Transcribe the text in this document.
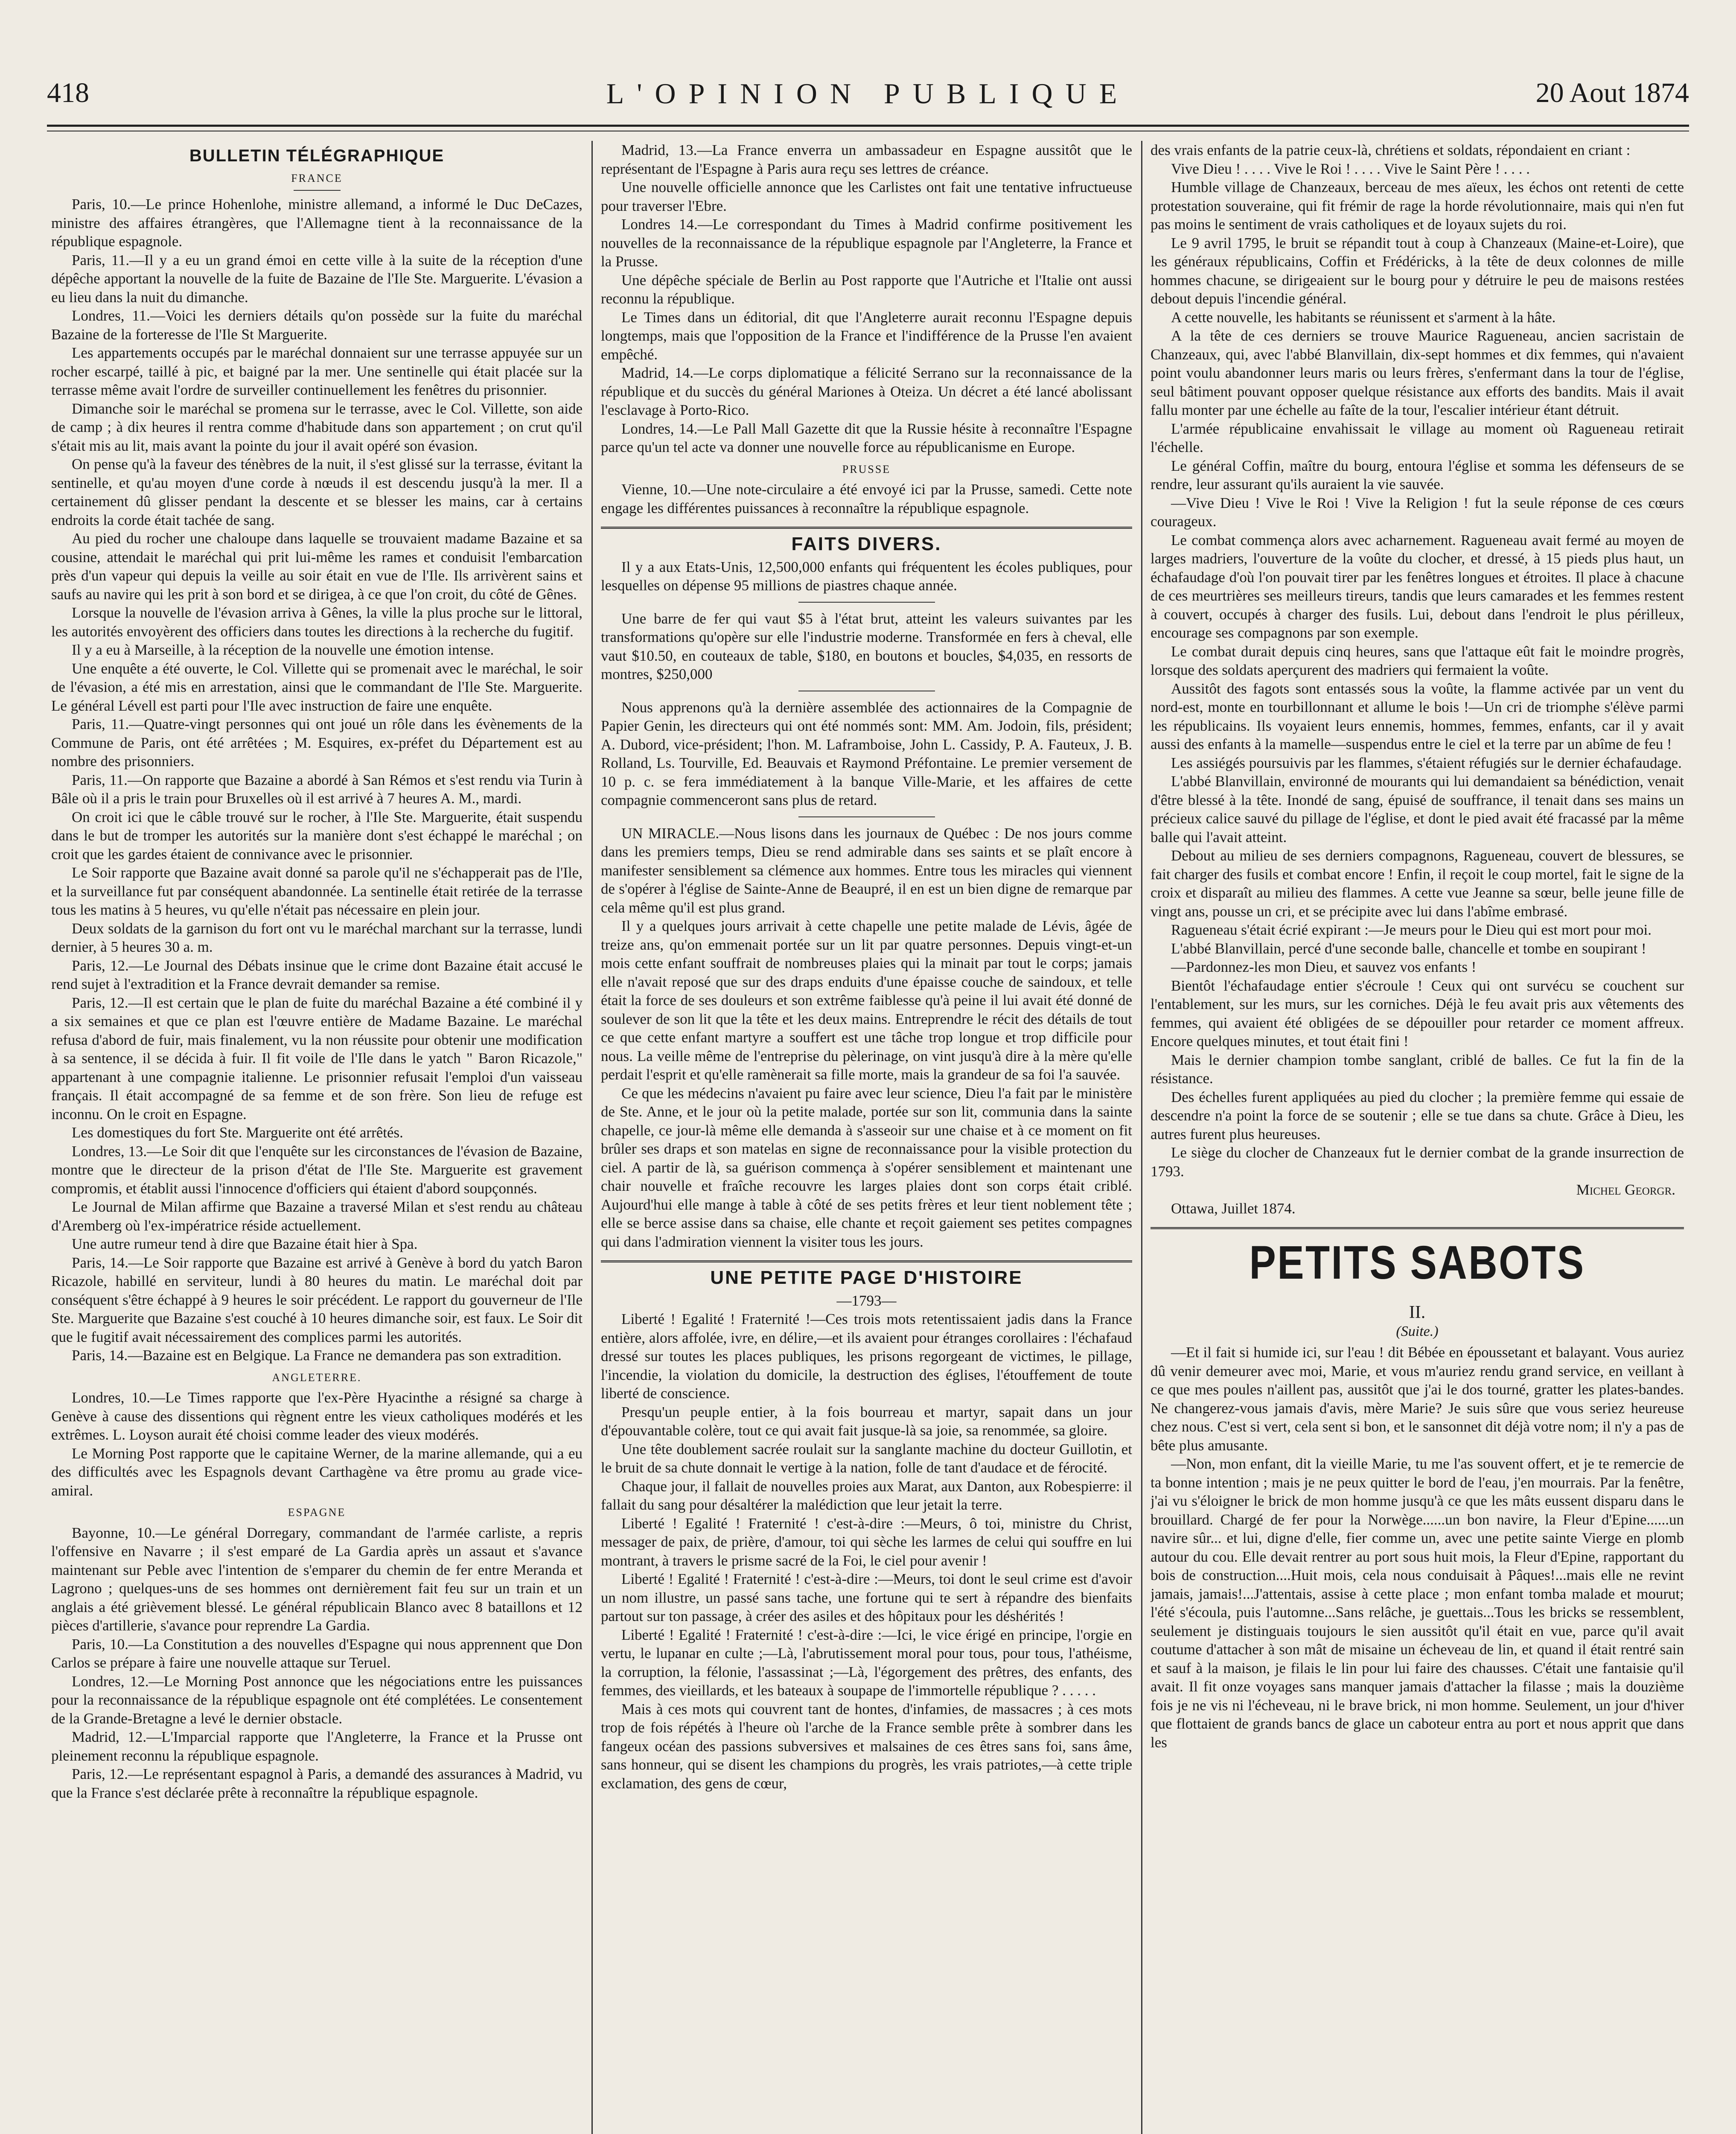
418	L'OPINION PUBLIQUE	20 Aout 1874
BULLETIN TÉLÉGRAPHIQUE
FRANCE

Paris, 10.—Le prince Hohenlohe, ministre allemand, a informé le Duc DeCazes, ministre des affaires étrangères, que l'Allemagne tient à la reconnaissance de la république espagnole.

Paris, 11.—Il y a eu un grand émoi en cette ville à la suite de la réception d'une dépêche apportant la nouvelle de la fuite de Bazaine de l'Ile Ste. Marguerite. L'évasion a eu lieu dans la nuit du dimanche.

Londres, 11.—Voici les derniers détails qu'on possède sur la fuite du maréchal Bazaine de la forteresse de l'Ile St Marguerite.

Les appartements occupés par le maréchal donnaient sur une terrasse appuyée sur un rocher escarpé, taillé à pic, et baigné par la mer. Une sentinelle qui était placée sur la terrasse même avait l'ordre de surveiller continuellement les fenêtres du prisonnier.

Dimanche soir le maréchal se promena sur le terrasse, avec le Col. Villette, son aide de camp ; à dix heures il rentra comme d'habitude dans son appartement ; on crut qu'il s'était mis au lit, mais avant la pointe du jour il avait opéré son évasion.

On pense qu'à la faveur des ténèbres de la nuit, il s'est glissé sur la terrasse, évitant la sentinelle, et qu'au moyen d'une corde à nœuds il est descendu jusqu'à la mer. Il a certainement dû glisser pendant la descente et se blesser les mains, car à certains endroits la corde était tachée de sang.

Au pied du rocher une chaloupe dans laquelle se trouvaient madame Bazaine et sa cousine, attendait le maréchal qui prit lui-même les rames et conduisit l'embarcation près d'un vapeur qui depuis la veille au soir était en vue de l'Ile. Ils arrivèrent sains et saufs au navire qui les prit à son bord et se dirigea, à ce que l'on croit, du côté de Gênes.

Lorsque la nouvelle de l'évasion arriva à Gênes, la ville la plus proche sur le littoral, les autorités envoyèrent des officiers dans toutes les directions à la recherche du fugitif.

Il y a eu à Marseille, à la réception de la nouvelle une émotion intense.

Une enquête a été ouverte, le Col. Villette qui se promenait avec le maréchal, le soir de l'évasion, a été mis en arrestation, ainsi que le commandant de l'Ile Ste. Marguerite. Le général Lévell est parti pour l'Ile avec instruction de faire une enquête.

Paris, 11.—Quatre-vingt personnes qui ont joué un rôle dans les évènements de la Commune de Paris, ont été arrêtées ; M. Esquires, ex-préfet du Département est au nombre des prisonniers.

Paris, 11.—On rapporte que Bazaine a abordé à San Rémos et s'est rendu via Turin à Bâle où il a pris le train pour Bruxelles où il est arrivé à 7 heures A. M., mardi.

On croit ici que le câble trouvé sur le rocher, à l'Ile Ste. Marguerite, était suspendu dans le but de tromper les autorités sur la manière dont s'est échappé le maréchal ; on croit que les gardes étaient de connivance avec le prisonnier.

Le Soir rapporte que Bazaine avait donné sa parole qu'il ne s'échapperait pas de l'Ile, et la surveillance fut par conséquent abandonnée. La sentinelle était retirée de la terrasse tous les matins à 5 heures, vu qu'elle n'était pas nécessaire en plein jour.

Deux soldats de la garnison du fort ont vu le maréchal marchant sur la terrasse, lundi dernier, à 5 heures 30 a. m.

Paris, 12.—Le Journal des Débats insinue que le crime dont Bazaine était accusé le rend sujet à l'extradition et la France devrait demander sa remise.

Paris, 12.—Il est certain que le plan de fuite du maréchal Bazaine a été combiné il y a six semaines et que ce plan est l'œuvre entière de Madame Bazaine. Le maréchal refusa d'abord de fuir, mais finalement, vu la non réussite pour obtenir une modification à sa sentence, il se décida à fuir. Il fit voile de l'Ile dans le yatch " Baron Ricazole," appartenant à une compagnie italienne. Le prisonnier refusait l'emploi d'un vaisseau français. Il était accompagné de sa femme et de son frère. Son lieu de refuge est inconnu. On le croit en Espagne.

Les domestiques du fort Ste. Marguerite ont été arrêtés.

Londres, 13.—Le Soir dit que l'enquête sur les circonstances de l'évasion de Bazaine, montre que le directeur de la prison d'état de l'Ile Ste. Marguerite est gravement compromis, et établit aussi l'innocence d'officiers qui étaient d'abord soupçonnés.

Le Journal de Milan affirme que Bazaine a traversé Milan et s'est rendu au château d'Aremberg où l'ex-impératrice réside actuellement.

Une autre rumeur tend à dire que Bazaine était hier à Spa.

Paris, 14.—Le Soir rapporte que Bazaine est arrivé à Genève à bord du yatch Baron Ricazole, habillé en serviteur, lundi à 80 heures du matin. Le maréchal doit par conséquent s'être échappé à 9 heures le soir précédent. Le rapport du gouverneur de l'Ile Ste. Marguerite que Bazaine s'est couché à 10 heures dimanche soir, est faux. Le Soir dit que le fugitif avait nécessairement des complices parmi les autorités.

Paris, 14.—Bazaine est en Belgique. La France ne demandera pas son extradition.

ANGLETERRE.

Londres, 10.—Le Times rapporte que l'ex-Père Hyacinthe a résigné sa charge à Genève à cause des dissentions qui règnent entre les vieux catholiques modérés et les extrêmes. L. Loyson aurait été choisi comme leader des vieux modérés.

Le Morning Post rapporte que le capitaine Werner, de la marine allemande, qui a eu des difficultés avec les Espagnols devant Carthagène va être promu au grade vice-amiral.

ESPAGNE

Bayonne, 10.—Le général Dorregary, commandant de l'armée carliste, a repris l'offensive en Navarre ; il s'est emparé de La Gardia après un assaut et s'avance maintenant sur Peble avec l'intention de s'emparer du chemin de fer entre Meranda et Lagrono ; quelques-uns de ses hommes ont dernièrement fait feu sur un train et un anglais a été grièvement blessé. Le général républicain Blanco avec 8 bataillons et 12 pièces d'artillerie, s'avance pour reprendre La Gardia.

Paris, 10.—La Constitution a des nouvelles d'Espagne qui nous apprennent que Don Carlos se prépare à faire une nouvelle attaque sur Teruel.

Londres, 12.—Le Morning Post annonce que les négociations entre les puissances pour la reconnaissance de la république espagnole ont été complétées. Le consentement de la Grande-Bretagne a levé le dernier obstacle.

Madrid, 12.—L'Imparcial rapporte que l'Angleterre, la France et la Prusse ont pleinement reconnu la république espagnole.

Paris, 12.—Le représentant espagnol à Paris, a demandé des assurances à Madrid, vu que la France s'est déclarée prête à reconnaître la république espagnole.

Madrid, 13.—La France enverra un ambassadeur en Espagne aussitôt que le représentant de l'Espagne à Paris aura reçu ses lettres de créance.

Une nouvelle officielle annonce que les Carlistes ont fait une tentative infructueuse pour traverser l'Ebre.

Londres 14.—Le correspondant du Times à Madrid confirme positivement les nouvelles de la reconnaissance de la république espagnole par l'Angleterre, la France et la Prusse.

Une dépêche spéciale de Berlin au Post rapporte que l'Autriche et l'Italie ont aussi reconnu la république.

Le Times dans un éditorial, dit que l'Angleterre aurait reconnu l'Espagne depuis longtemps, mais que l'opposition de la France et l'indifférence de la Prusse l'en avaient empêché.

Madrid, 14.—Le corps diplomatique a félicité Serrano sur la reconnaissance de la république et du succès du général Mariones à Oteiza. Un décret a été lancé abolissant l'esclavage à Porto-Rico.

Londres, 14.—Le Pall Mall Gazette dit que la Russie hésite à reconnaître l'Espagne parce qu'un tel acte va donner une nouvelle force au républicanisme en Europe.

PRUSSE

Vienne, 10.—Une note-circulaire a été envoyé ici par la Prusse, samedi. Cette note engage les différentes puissances à reconnaître la république espagnole.

FAITS DIVERS.

Il y a aux Etats-Unis, 12,500,000 enfants qui fréquentent les écoles publiques, pour lesquelles on dépense 95 millions de piastres chaque année.

Une barre de fer qui vaut $5 à l'état brut, atteint les valeurs suivantes par les transformations qu'opère sur elle l'industrie moderne. Transformée en fers à cheval, elle vaut $10.50, en couteaux de table, $180, en boutons et boucles, $4,035, en ressorts de montres, $250,000

Nous apprenons qu'à la dernière assemblée des actionnaires de la Compagnie de Papier Genin, les directeurs qui ont été nommés sont: MM. Am. Jodoin, fils, président; A. Dubord, vice-président; l'hon. M. Laframboise, John L. Cassidy, P. A. Fauteux, J. B. Rolland, Ls. Tourville, Ed. Beauvais et Raymond Préfontaine. Le premier versement de 10 p. c. se fera immédiatement à la banque Ville-Marie, et les affaires de cette compagnie commenceront sans plus de retard.

UN MIRACLE.—Nous lisons dans les journaux de Québec : De nos jours comme dans les premiers temps, Dieu se rend admirable dans ses saints et se plaît encore à manifester sensiblement sa clémence aux hommes. Entre tous les miracles qui viennent de s'opérer à l'église de Sainte-Anne de Beaupré, il en est un bien digne de remarque par cela même qu'il est plus grand.

Il y a quelques jours arrivait à cette chapelle une petite malade de Lévis, âgée de treize ans, qu'on emmenait portée sur un lit par quatre personnes. Depuis vingt-et-un mois cette enfant souffrait de nombreuses plaies qui la minait par tout le corps; jamais elle n'avait reposé que sur des draps enduits d'une épaisse couche de saindoux, et telle était la force de ses douleurs et son extrême faiblesse qu'à peine il lui avait été donné de soulever de son lit que la tête et les deux mains. Entreprendre le récit des détails de tout ce que cette enfant martyre a souffert est une tâche trop longue et trop difficile pour nous. La veille même de l'entreprise du pèlerinage, on vint jusqu'à dire à la mère qu'elle perdait l'esprit et qu'elle ramènerait sa fille morte, mais la grandeur de sa foi l'a sauvée.

Ce que les médecins n'avaient pu faire avec leur science, Dieu l'a fait par le ministère de Ste. Anne, et le jour où la petite malade, portée sur son lit, communia dans la sainte chapelle, ce jour-là même elle demanda à s'asseoir sur une chaise et à ce moment on fit brûler ses draps et son matelas en signe de reconnaissance pour la visible protection du ciel. A partir de là, sa guérison commença à s'opérer sensiblement et maintenant une chair nouvelle et fraîche recouvre les larges plaies dont son corps était criblé. Aujourd'hui elle mange à table à côté de ses petits frères et leur tient noblement tête ; elle se berce assise dans sa chaise, elle chante et reçoit gaiement ses petites compagnes qui dans l'admiration viennent la visiter tous les jours.

UNE PETITE PAGE D'HISTOIRE
—1793—

Liberté ! Egalité ! Fraternité !—Ces trois mots retentissaient jadis dans la France entière, alors affolée, ivre, en délire,—et ils avaient pour étranges corollaires : l'échafaud dressé sur toutes les places publiques, les prisons regorgeant de victimes, le pillage, l'incendie, la violation du domicile, la destruction des églises, l'étouffement de toute liberté de conscience.

Presqu'un peuple entier, à la fois bourreau et martyr, sapait dans un jour d'épouvantable colère, tout ce qui avait fait jusque-là sa joie, sa renommée, sa gloire.

Une tête doublement sacrée roulait sur la sanglante machine du docteur Guillotin, et le bruit de sa chute donnait le vertige à la nation, folle de tant d'audace et de férocité.

Chaque jour, il fallait de nouvelles proies aux Marat, aux Danton, aux Robespierre: il fallait du sang pour désaltérer la malédiction que leur jetait la terre.

Liberté ! Egalité ! Fraternité ! c'est-à-dire :—Meurs, ô toi, ministre du Christ, messager de paix, de prière, d'amour, toi qui sèche les larmes de celui qui souffre en lui montrant, à travers le prisme sacré de la Foi, le ciel pour avenir !

Liberté ! Egalité ! Fraternité ! c'est-à-dire :—Meurs, toi dont le seul crime est d'avoir un nom illustre, un passé sans tache, une fortune qui te sert à répandre des bienfaits partout sur ton passage, à créer des asiles et des hôpitaux pour les déshérités !

Liberté ! Egalité ! Fraternité ! c'est-à-dire :—Ici, le vice érigé en principe, l'orgie en vertu, le lupanar en culte ;—Là, l'abrutissement moral pour tous, pour tous, l'athéisme, la corruption, la félonie, l'assassinat ;—Là, l'égorgement des prêtres, des enfants, des femmes, des vieillards, et les bateaux à soupape de l'immortelle république ? . . . . .

Mais à ces mots qui couvrent tant de hontes, d'infamies, de massacres ; à ces mots trop de fois répétés à l'heure où l'arche de la France semble prête à sombrer dans les fangeux océan des passions subversives et malsaines de ces êtres sans foi, sans âme, sans honneur, qui se disent les champions du progrès, les vrais patriotes,—à cette triple exclamation, des gens de cœur,

des vrais enfants de la patrie ceux-là, chrétiens et soldats, répondaient en criant :

Vive Dieu ! . . . . Vive le Roi ! . . . . Vive le Saint Père ! . . . .

Humble village de Chanzeaux, berceau de mes aïeux, les échos ont retenti de cette protestation souveraine, qui fit frémir de rage la horde révolutionnaire, mais qui n'en fut pas moins le sentiment de vrais catholiques et de loyaux sujets du roi.

Le 9 avril 1795, le bruit se répandit tout à coup à Chanzeaux (Maine-et-Loire), que les généraux républicains, Coffin et Frédéricks, à la tête de deux colonnes de mille hommes chacune, se dirigeaient sur le bourg pour y détruire le peu de maisons restées debout depuis l'incendie général.

A cette nouvelle, les habitants se réunissent et s'arment à la hâte.

A la tête de ces derniers se trouve Maurice Ragueneau, ancien sacristain de Chanzeaux, qui, avec l'abbé Blanvillain, dix-sept hommes et dix femmes, qui n'avaient point voulu abandonner leurs maris ou leurs frères, s'enfermant dans la tour de l'église, seul bâtiment pouvant opposer quelque résistance aux efforts des bandits. Mais il avait fallu monter par une échelle au faîte de la tour, l'escalier intérieur étant détruit.

L'armée républicaine envahissait le village au moment où Ragueneau retirait l'échelle.

Le général Coffin, maître du bourg, entoura l'église et somma les défenseurs de se rendre, leur assurant qu'ils auraient la vie sauvée.

—Vive Dieu ! Vive le Roi ! Vive la Religion ! fut la seule réponse de ces cœurs courageux.

Le combat commença alors avec acharnement. Ragueneau avait fermé au moyen de larges madriers, l'ouverture de la voûte du clocher, et dressé, à 15 pieds plus haut, un échafaudage d'où l'on pouvait tirer par les fenêtres longues et étroites. Il place à chacune de ces meurtrières ses meilleurs tireurs, tandis que leurs camarades et les femmes restent à couvert, occupés à charger des fusils. Lui, debout dans l'endroit le plus périlleux, encourage ses compagnons par son exemple.

Le combat durait depuis cinq heures, sans que l'attaque eût fait le moindre progrès, lorsque des soldats aperçurent des madriers qui fermaient la voûte.

Aussitôt des fagots sont entassés sous la voûte, la flamme activée par un vent du nord-est, monte en tourbillonnant et allume le bois !—Un cri de triomphe s'élève parmi les républicains. Ils voyaient leurs ennemis, hommes, femmes, enfants, car il y avait aussi des enfants à la mamelle—suspendus entre le ciel et la terre par un abîme de feu !

Les assiégés poursuivis par les flammes, s'étaient réfugiés sur le dernier échafaudage.

L'abbé Blanvillain, environné de mourants qui lui demandaient sa bénédiction, venait d'être blessé à la tête. Inondé de sang, épuisé de souffrance, il tenait dans ses mains un précieux calice sauvé du pillage de l'église, et dont le pied avait été fracassé par la même balle qui l'avait atteint.

Debout au milieu de ses derniers compagnons, Ragueneau, couvert de blessures, se fait charger des fusils et combat encore ! Enfin, il reçoit le coup mortel, fait le signe de la croix et disparaît au milieu des flammes. A cette vue Jeanne sa sœur, belle jeune fille de vingt ans, pousse un cri, et se précipite avec lui dans l'abîme embrasé.

Ragueneau s'était écrié expirant :—Je meurs pour le Dieu qui est mort pour moi.

L'abbé Blanvillain, percé d'une seconde balle, chancelle et tombe en soupirant !

—Pardonnez-les mon Dieu, et sauvez vos enfants !

Bientôt l'échafaudage entier s'écroule ! Ceux qui ont survécu se couchent sur l'entablement, sur les murs, sur les corniches. Déjà le feu avait pris aux vêtements des femmes, qui avaient été obligées de se dépouiller pour retarder ce moment affreux. Encore quelques minutes, et tout était fini !

Mais le dernier champion tombe sanglant, criblé de balles. Ce fut la fin de la résistance.

Des échelles furent appliquées au pied du clocher ; la première femme qui essaie de descendre n'a point la force de se soutenir ; elle se tue dans sa chute. Grâce à Dieu, les autres furent plus heureuses.

Le siège du clocher de Chanzeaux fut le dernier combat de la grande insurrection de 1793.

Michel Georgr.

Ottawa, Juillet 1874.

PETITS SABOTS
II.
(Suite.)

—Et il fait si humide ici, sur l'eau ! dit Bébée en époussetant et balayant. Vous auriez dû venir demeurer avec moi, Marie, et vous m'auriez rendu grand service, en veillant à ce que mes poules n'aillent pas, aussitôt que j'ai le dos tourné, gratter les plates-bandes. Ne changerez-vous jamais d'avis, mère Marie? Je suis sûre que vous seriez heureuse chez nous. C'est si vert, cela sent si bon, et le sansonnet dit déjà votre nom; il n'y a pas de bête plus amusante.

—Non, mon enfant, dit la vieille Marie, tu me l'as souvent offert, et je te remercie de ta bonne intention ; mais je ne peux quitter le bord de l'eau, j'en mourrais. Par la fenêtre, j'ai vu s'éloigner le brick de mon homme jusqu'à ce que les mâts eussent disparu dans le brouillard. Chargé de fer pour la Norwège......un bon navire, la Fleur d'Epine......un navire sûr... et lui, digne d'elle, fier comme un, avec une petite sainte Vierge en plomb autour du cou. Elle devait rentrer au port sous huit mois, la Fleur d'Epine, rapportant du bois de construction....Huit mois, cela nous conduisait à Pâques!...mais elle ne revint jamais, jamais!...J'attentais, assise à cette place ; mon enfant tomba malade et mourut; l'été s'écoula, puis l'automne...Sans relâche, je guettais...Tous les bricks se ressemblent, seulement je distinguais toujours le sien aussitôt qu'il était en vue, parce qu'il avait coutume d'attacher à son mât de misaine un écheveau de lin, et quand il était rentré sain et sauf à la maison, je filais le lin pour lui faire des chausses. C'était une fantaisie qu'il avait. Il fit onze voyages sans manquer jamais d'attacher la filasse ; mais la douzième fois je ne vis ni l'écheveau, ni le brave brick, ni mon homme. Seulement, un jour d'hiver que flottaient de grands bancs de glace un caboteur entra au port et nous apprit que dans les
